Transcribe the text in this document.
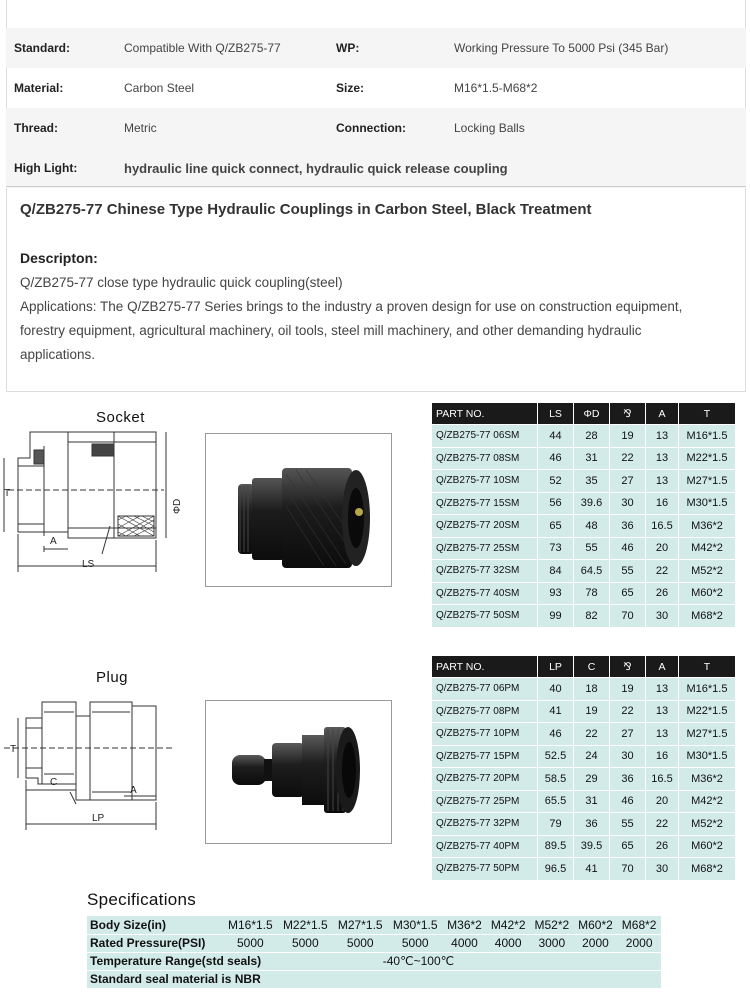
Standard:	Compatible With Q/ZB275-77	WP:	Working Pressure To 5000 Psi (345 Bar)
Material:	Carbon Steel	Size:	M16*1.5-M68*2
Thread:	Metric	Connection:	Locking Balls
High Light:	hydraulic line quick connect, hydraulic quick release coupling		
Q/ZB275-77 Chinese Type Hydraulic Couplings in Carbon Steel, Black Treatment
Descripton:
Q/ZB275-77 close type hydraulic quick coupling(steel)
Applications: The Q/ZB275-77 Series brings to the industry a proven design for use on construction equipment, forestry equipment, agricultural machinery, oil tools, steel mill machinery, and other demanding hydraulic applications.
Socket
T
A
LS
ΦD
PART NO.	LS	ΦD	⅋	A	T
Q/ZB275-77 06SM	44	28	19	13	M16*1.5
Q/ZB275-77 08SM	46	31	22	13	M22*1.5
Q/ZB275-77 10SM	52	35	27	13	M27*1.5
Q/ZB275-77 15SM	56	39.6	30	16	M30*1.5
Q/ZB275-77 20SM	65	48	36	16.5	M36*2
Q/ZB275-77 25SM	73	55	46	20	M42*2
Q/ZB275-77 32SM	84	64.5	55	22	M52*2
Q/ZB275-77 40SM	93	78	65	26	M60*2
Q/ZB275-77 50SM	99	82	70	30	M68*2
Plug
T
C
A
LP
PART NO.	LP	C	⅋	A	T
Q/ZB275-77 06PM	40	18	19	13	M16*1.5
Q/ZB275-77 08PM	41	19	22	13	M22*1.5
Q/ZB275-77 10PM	46	22	27	13	M27*1.5
Q/ZB275-77 15PM	52.5	24	30	16	M30*1.5
Q/ZB275-77 20PM	58.5	29	36	16.5	M36*2
Q/ZB275-77 25PM	65.5	31	46	20	M42*2
Q/ZB275-77 32PM	79	36	55	22	M52*2
Q/ZB275-77 40PM	89.5	39.5	65	26	M60*2
Q/ZB275-77 50PM	96.5	41	70	30	M68*2
Specifications
Body Size(in)	M16*1.5	M22*1.5	M27*1.5	M30*1.5	M36*2	M42*2	M52*2	M60*2	M68*2
Rated Pressure(PSI)	5000	5000	5000	5000	4000	4000	3000	2000	2000
Temperature Range(std seals)			-40℃~100℃						
Standard seal material is NBR									
